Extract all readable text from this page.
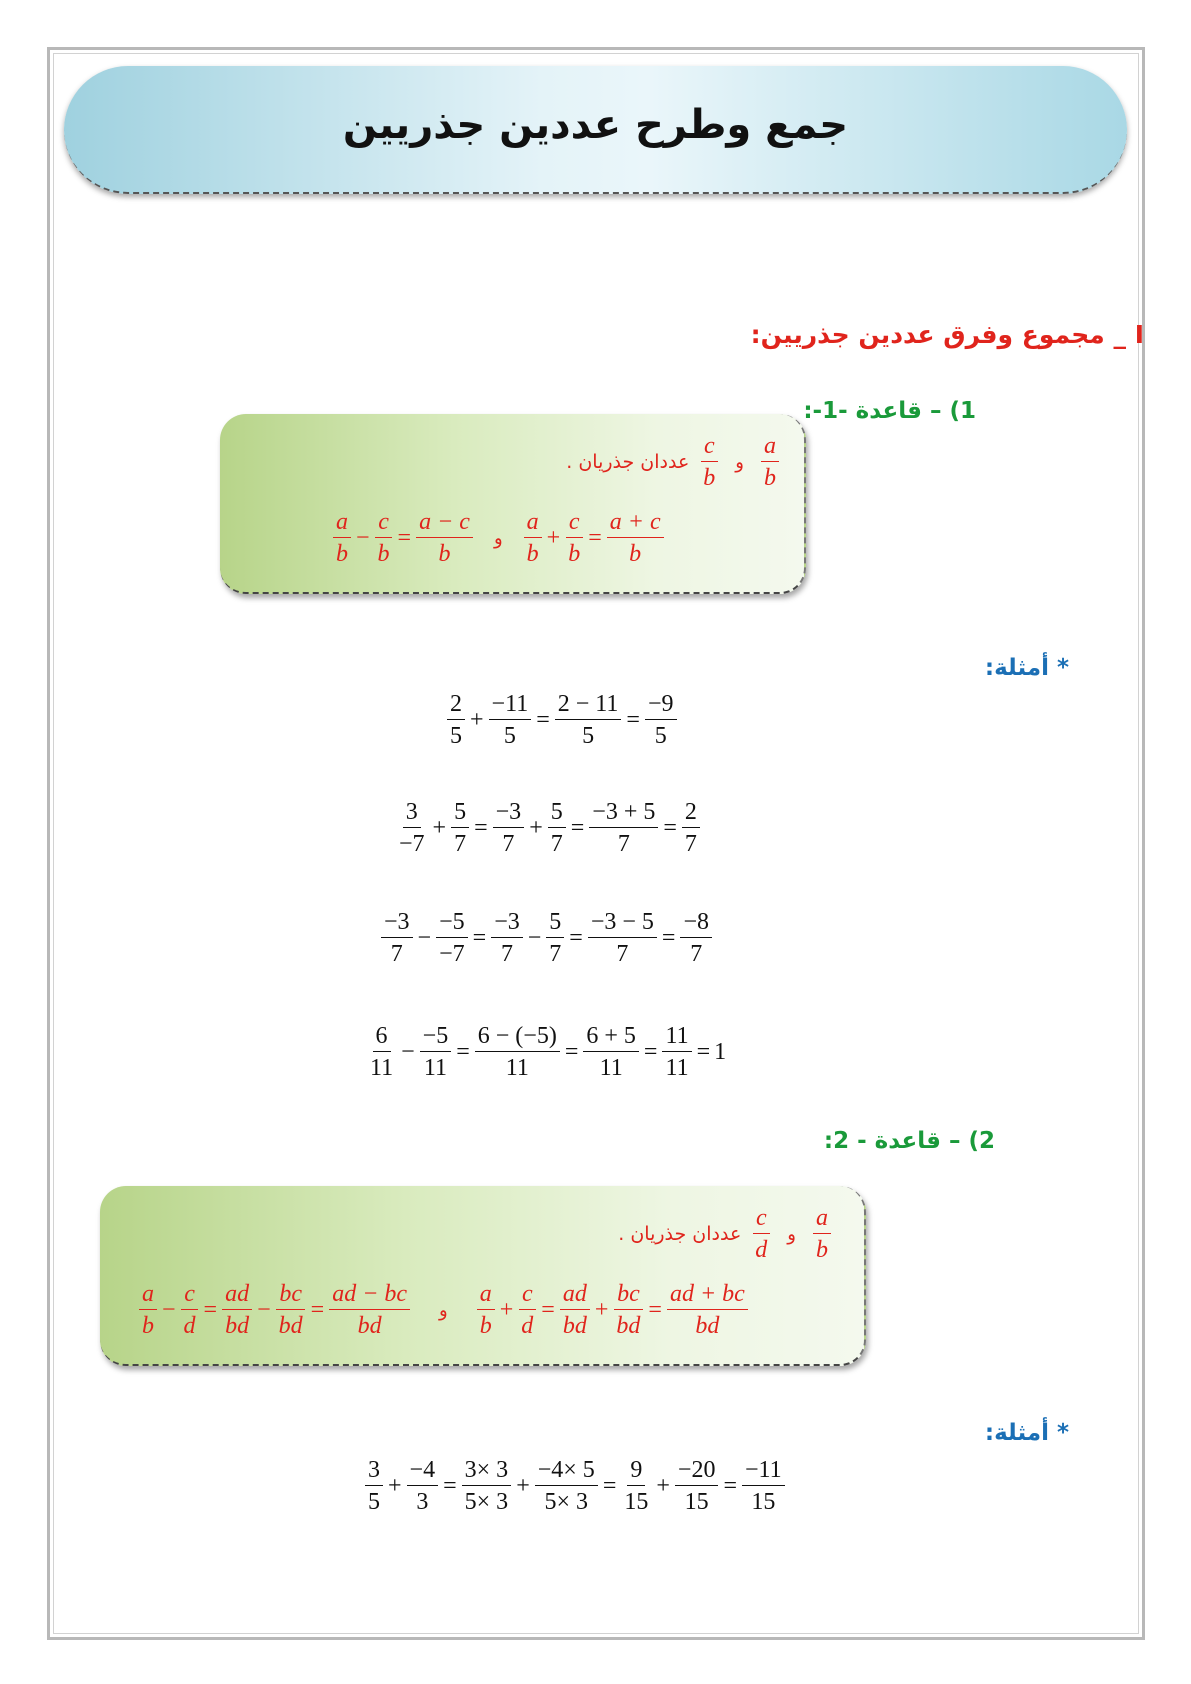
جمع وطرح عددين جذريين
I _ مجموع وفرق عددين جذريين:
1) – قاعدة -1-:
عددان جذريان . $\frac{c}{b}$ و $\frac{a}{b}$
$\frac{a}{b} - \frac{c}{b} = \frac{a - c}{b}$ و $\frac{a}{b} + \frac{c}{b} = \frac{a + c}{b}$
* أمثلة:
$\frac{2}{5} + \frac{-11}{5} = \frac{2 - 11}{5} = \frac{-9}{5}$
$\frac{3}{-7} + \frac{5}{7} = \frac{-3}{7} + \frac{5}{7} = \frac{-3 + 5}{7} = \frac{2}{7}$
$\frac{-3}{7} - \frac{-5}{-7} = \frac{-3}{7} - \frac{5}{7} = \frac{-3 - 5}{7} = \frac{-8}{7}$
$\frac{6}{11} - \frac{-5}{11} = \frac{6 - (-5)}{11} = \frac{6 + 5}{11} = \frac{11}{11} = 1$
2) – قاعدة - 2:
عددان جذريان . $\frac{c}{d}$ و $\frac{a}{b}$
$\frac{a}{b} - \frac{c}{d} = \frac{ad}{bd} - \frac{bc}{bd} = \frac{ad - bc}{bd}$ و $\frac{a}{b} + \frac{c}{d} = \frac{ad}{bd} + \frac{bc}{bd} = \frac{ad + bc}{bd}$
* أمثلة:
$\frac{3}{5} + \frac{-4}{3} = \frac{3\times 3}{5\times 3} + \frac{-4\times 5}{5\times 3} = \frac{9}{15} + \frac{-20}{15} = \frac{-11}{15}$
